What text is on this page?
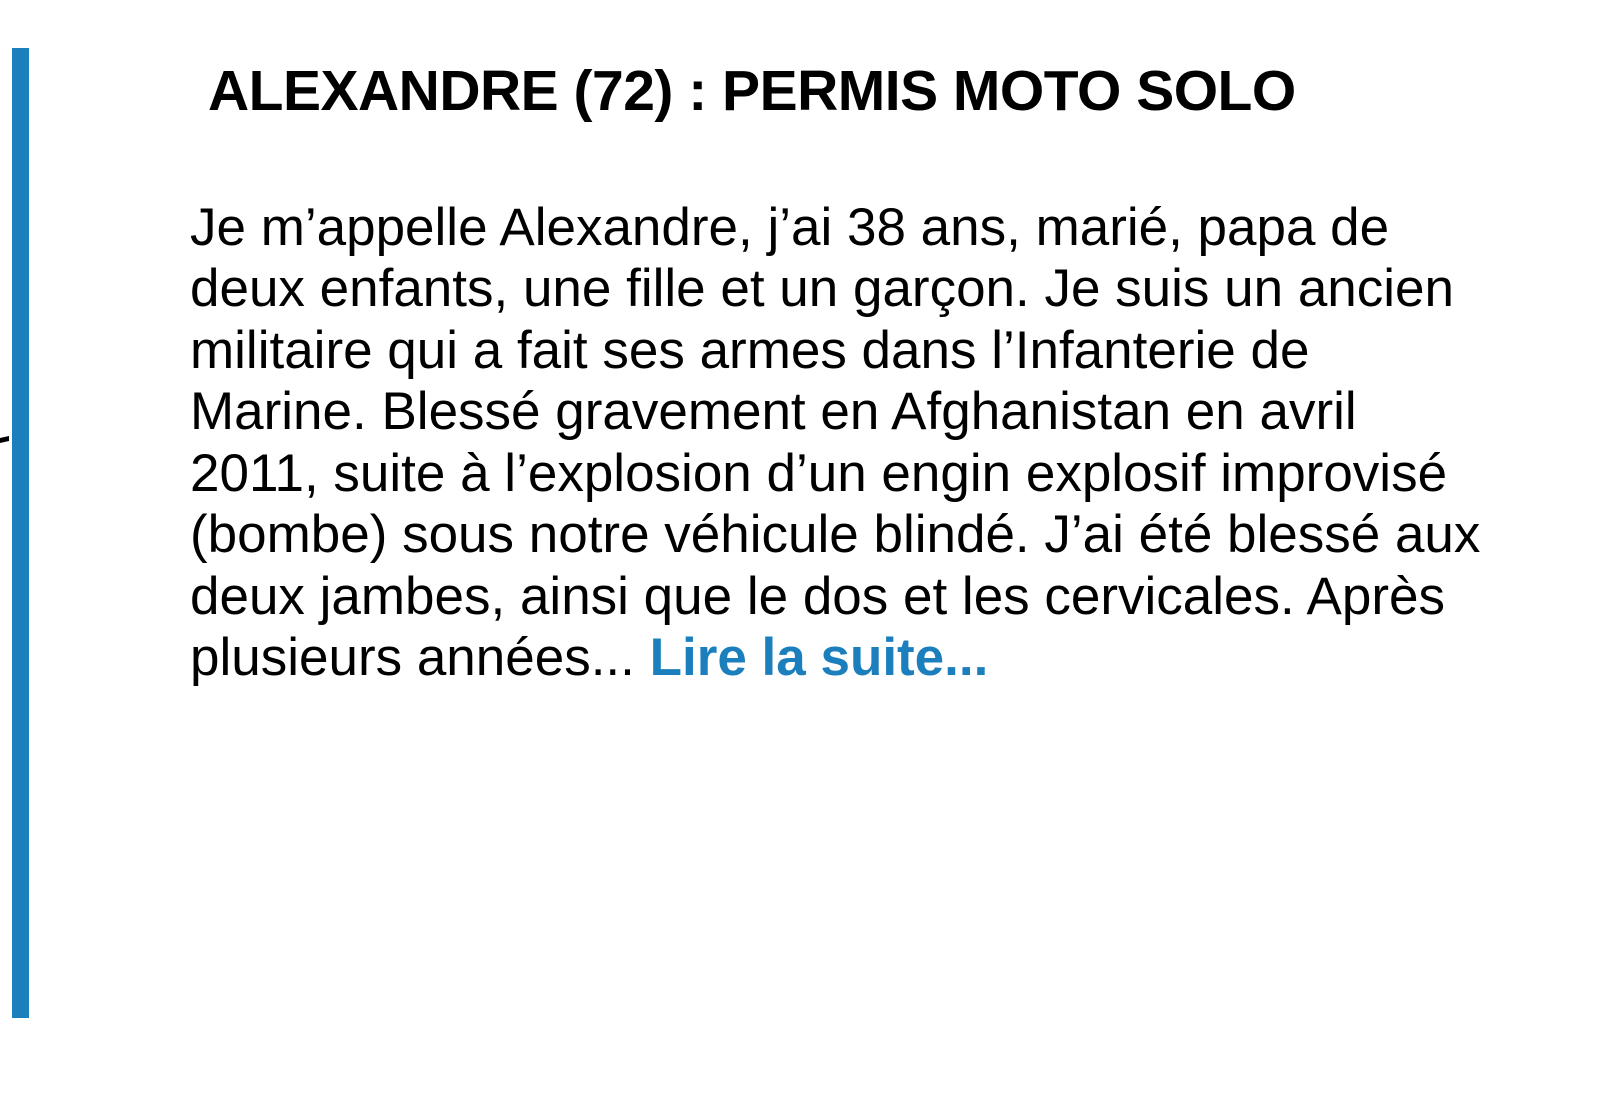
ALEXANDRE (72) : PERMIS MOTO SOLO

Je m’appelle Alexandre, j’ai 38 ans, marié, papa de deux enfants, une fille et un garçon. Je suis un ancien militaire qui a fait ses armes dans l’Infanterie de Marine. Blessé gravement en Afghanistan en avril 2011, suite à l’explosion d’un engin explosif improvisé (bombe) sous notre véhicule blindé. J’ai été blessé aux deux jambes, ainsi que le dos et les cervicales. Après plusieurs années... Lire la suite...
